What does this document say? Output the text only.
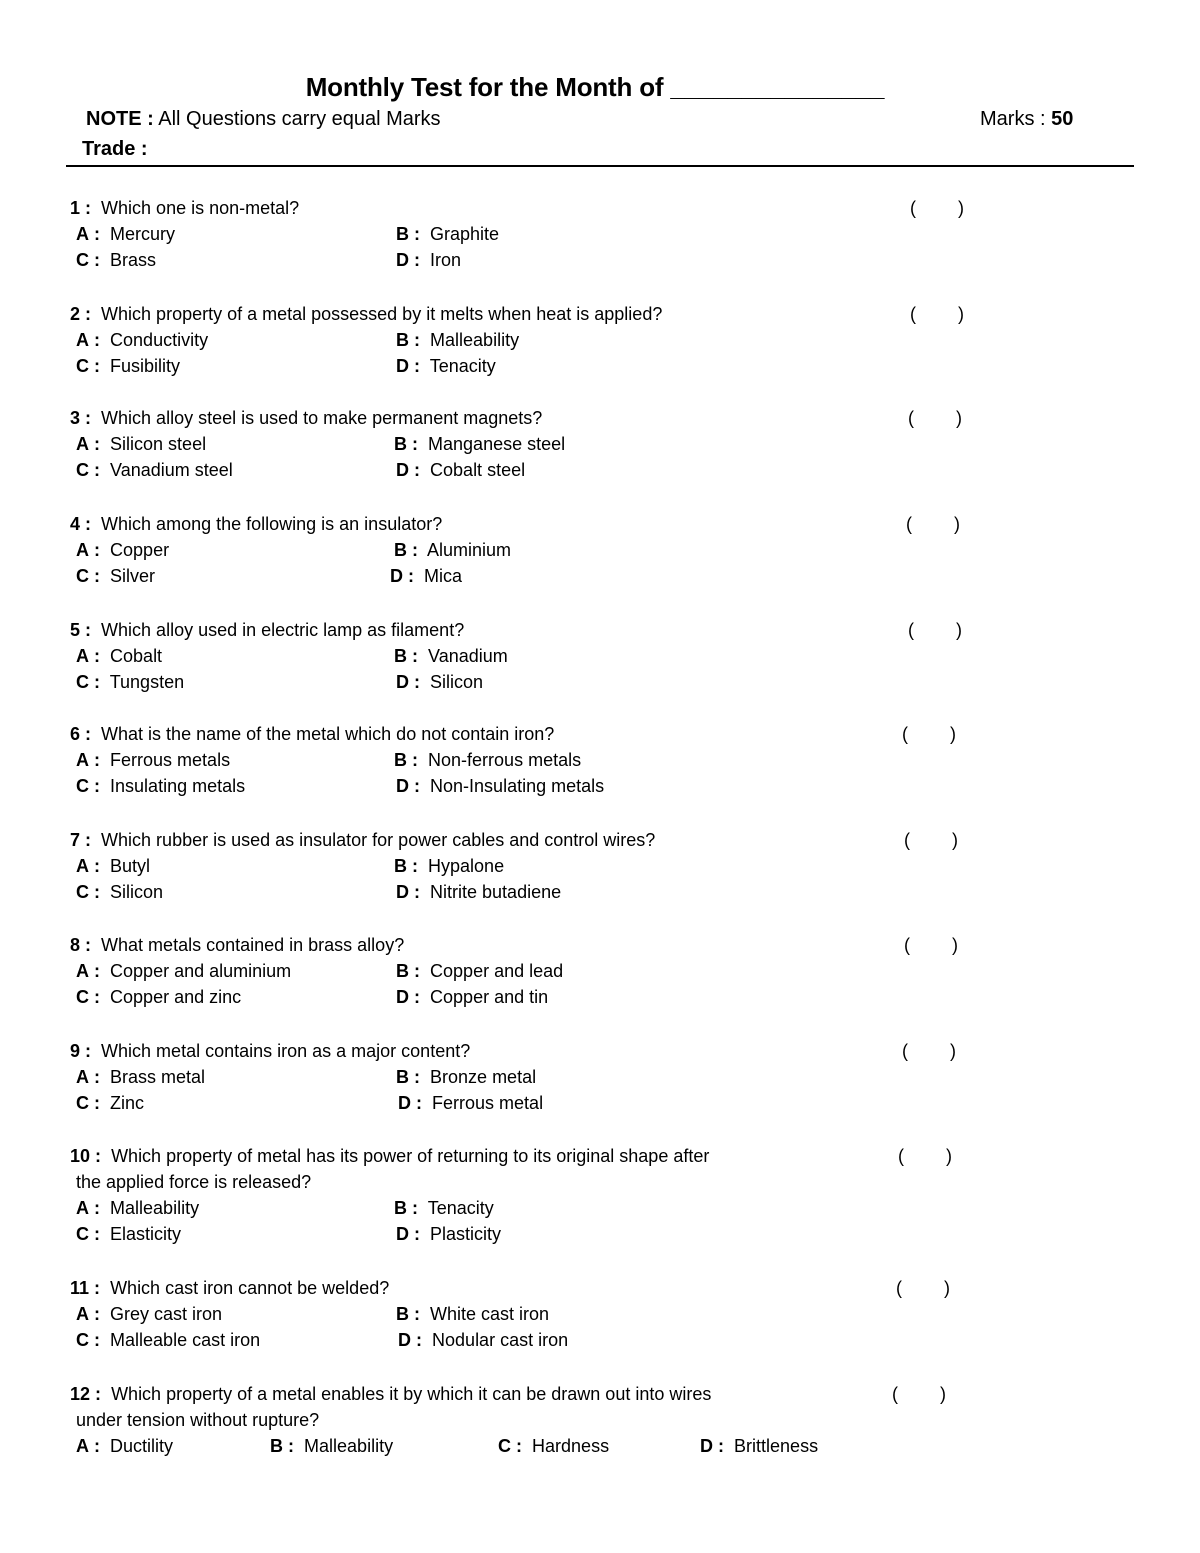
Monthly Test for the Month of _______________
NOTE : All Questions carry equal Marks	Marks : 50
Trade :
1 : Which one is non-metal?	( )
A : Mercury	B : Graphite
C : Brass	D : Iron
2 : Which property of a metal possessed by it melts when heat is applied?	( )
A : Conductivity	B : Malleability
C : Fusibility	D : Tenacity
3 : Which alloy steel is used to make permanent magnets?	( )
A : Silicon steel	B : Manganese steel
C : Vanadium steel	D : Cobalt steel
4 : Which among the following is an insulator?	( )
A : Copper	B : Aluminium
C : Silver	D : Mica
5 : Which alloy used in electric lamp as filament?	( )
A : Cobalt	B : Vanadium
C : Tungsten	D : Silicon
6 : What is the name of the metal which do not contain iron?	( )
A : Ferrous metals	B : Non-ferrous metals
C : Insulating metals	D : Non-Insulating metals
7 : Which rubber is used as insulator for power cables and control wires?	( )
A : Butyl	B : Hypalone
C : Silicon	D : Nitrite butadiene
8 : What metals contained in brass alloy?	( )
A : Copper and aluminium	B : Copper and lead
C : Copper and zinc	D : Copper and tin
9 : Which metal contains iron as a major content?	( )
A : Brass metal	B : Bronze metal
C : Zinc	D : Ferrous metal
10 : Which property of metal has its power of returning to its original shape after	( )
the applied force is released?
A : Malleability	B : Tenacity
C : Elasticity	D : Plasticity
11 : Which cast iron cannot be welded?	( )
A : Grey cast iron	B : White cast iron
C : Malleable cast iron	D : Nodular cast iron
12 : Which property of a metal enables it by which it can be drawn out into wires	( )
under tension without rupture?
A : Ductility	B : Malleability	C : Hardness	D : Brittleness
